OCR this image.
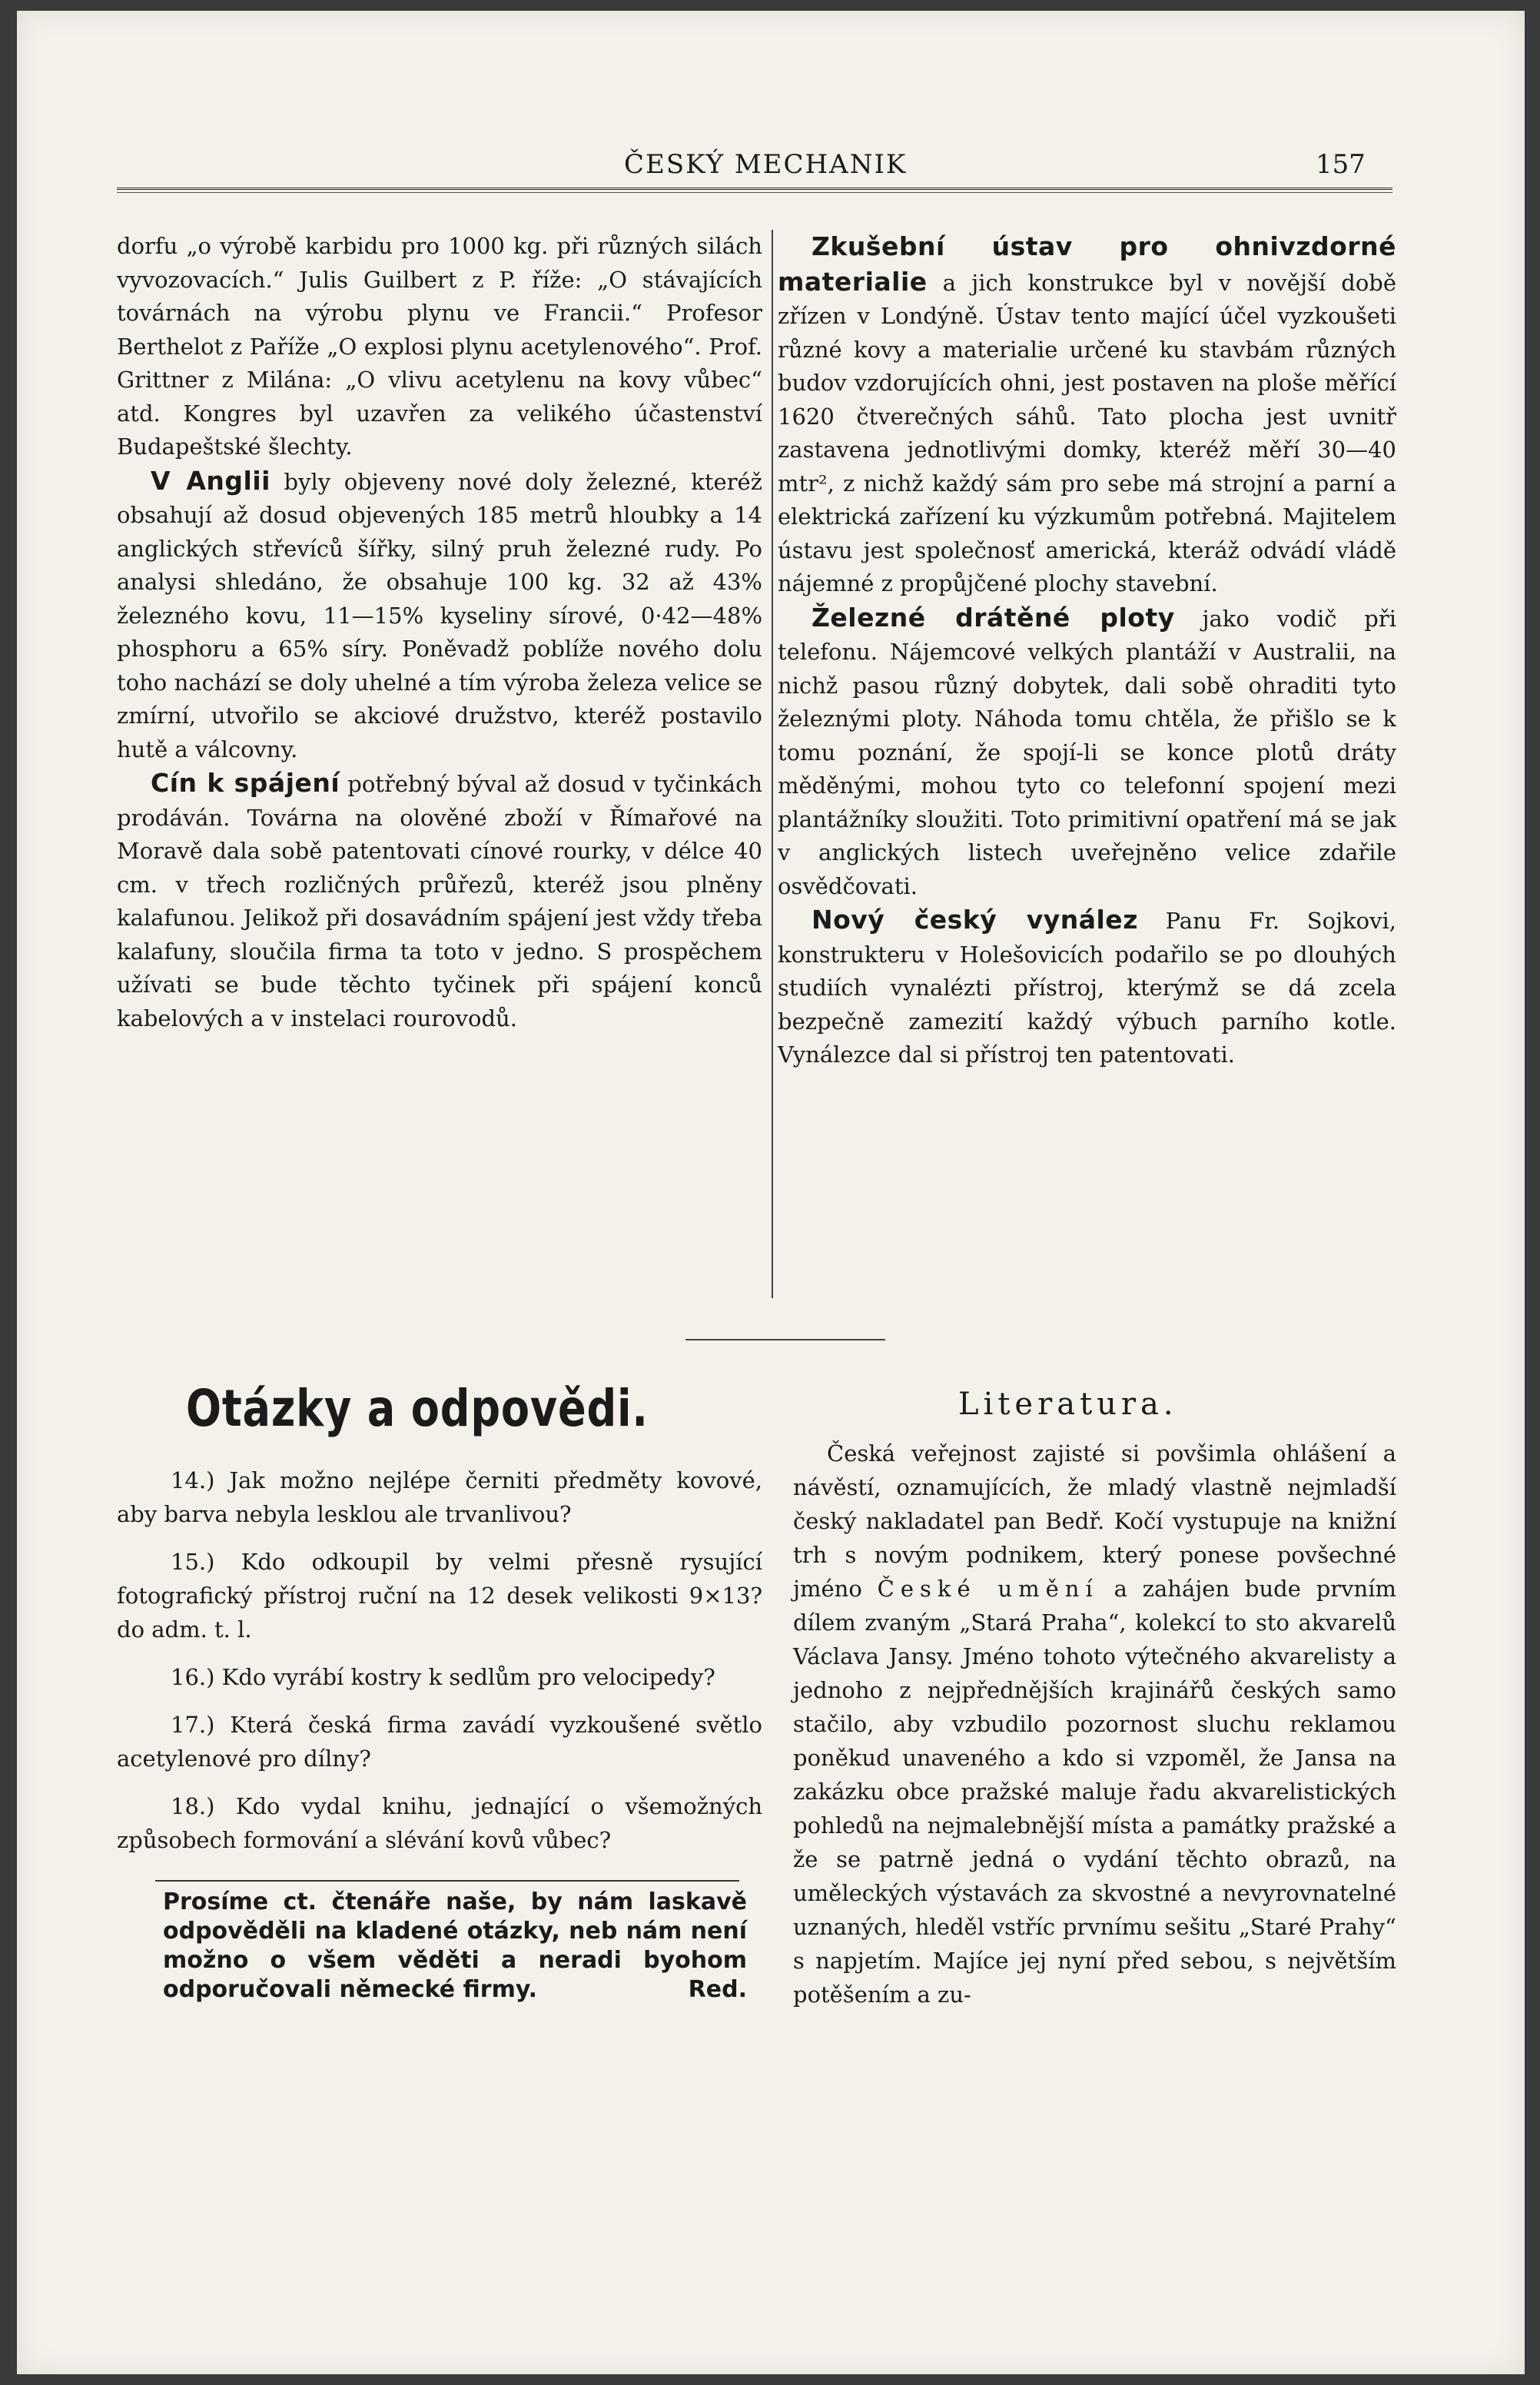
ČESKÝ MECHANIK	157

dorfu „o výrobě karbidu pro 1000 kg. při různých silách vyvozovacích.“ Julis Guilbert z P. říže: „O stávajících továrnách na výrobu plynu ve Francii.“ Profesor Berthelot z Paříže „O explosi plynu acetylenového“. Prof. Grittner z Milána: „O vlivu acetylenu na kovy vůbec“ atd. Kongres byl uzavřen za velikého účastenství Budapeštské šlechty.

V Anglii byly objeveny nové doly železné, kteréž obsahují až dosud objevených 185 metrů hloubky a 14 anglických střevíců šířky, silný pruh železné rudy. Po analysi shledáno, že obsahuje 100 kg. 32 až 43% železného kovu, 11—15% kyseliny sírové, 0·42—48% phosphoru a 65% síry. Poněvadž poblíže nového dolu toho nachází se doly uhelné a tím výroba železa velice se zmírní, utvořilo se akciové družstvo, kteréž postavilo hutě a válcovny.

Cín k spájení potřebný býval až dosud v tyčinkách prodáván. Továrna na olověné zboží v Římařové na Moravě dala sobě patentovati cínové rourky, v délce 40 cm. v třech rozličných průřezů, kteréž jsou plněny kalafunou. Jelikož při dosavádním spájení jest vždy třeba kalafuny, sloučila firma ta toto v jedno. S prospěchem užívati se bude těchto tyčinek při spájení konců kabelových a v instelaci rourovodů.

Zkušební ústav pro ohnivzdorné materialie a jich konstrukce byl v novější době zřízen v Londýně. Ústav tento mající účel vyzkoušeti různé kovy a materialie určené ku stavbám různých budov vzdorujících ohni, jest postaven na ploše měřící 1620 čtverečných sáhů. Tato plocha jest uvnitř zastavena jednotlivými domky, kteréž měří 30—40 mtr², z nichž každý sám pro sebe má strojní a parní a elektrická zařízení ku výzkumům potřebná. Majitelem ústavu jest společnosť americká, kteráž odvádí vládě nájemné z propůjčené plochy stavební.

Železné drátěné ploty jako vodič při telefonu. Nájemcové velkých plantáží v Australii, na nichž pasou různý dobytek, dali sobě ohraditi tyto železnými ploty. Náhoda tomu chtěla, že přišlo se k tomu poznání, že spojí-li se konce plotů dráty měděnými, mohou tyto co telefonní spojení mezi plantážníky sloužiti. Toto primitivní opatření má se jak v anglických listech uveřejněno velice zdařile osvědčovati.

Nový český vynález Panu Fr. Sojkovi, konstrukteru v Holešovicích podařilo se po dlouhých studiích vynalézti přístroj, kterýmž se dá zcela bezpečně zamezití každý výbuch parního kotle. Vynálezce dal si přístroj ten patentovati.

Otázky a odpovědi.

14.) Jak možno nejlépe černiti předměty kovové, aby barva nebyla lesklou ale trvanlivou?

15.) Kdo odkoupil by velmi přesně rysující fotografický přístroj ruční na 12 desek velikosti 9×13? do adm. t. l.

16.) Kdo vyrábí kostry k sedlům pro velocipedy?

17.) Která česká firma zavádí vyzkoušené světlo acetylenové pro dílny?

18.) Kdo vydal knihu, jednající o všemožných způsobech formování a slévání kovů vůbec?

Prosíme ct. čtenáře naše, by nám laskavě odpověděli na kladené otázky, neb nám není možno o všem věděti a neradi byohom odporučovali německé firmy.	Red.
Literatura.

Česká veřejnost zajisté si povšimla ohlášení a návěstí, oznamujících, že mladý vlastně nejmladší český nakladatel pan Bedř. Kočí vystupuje na knižní trh s novým podnikem, který ponese povšechné jméno České umění a zahájen bude prvním dílem zvaným „Stará Praha“, kolekcí to sto akvarelů Václava Jansy. Jméno tohoto výtečného akvarelisty a jednoho z nejpřednějších krajinářů českých samo stačilo, aby vzbudilo pozornost sluchu reklamou poněkud unaveného a kdo si vzpoměl, že Jansa na zakázku obce pražské maluje řadu akvarelistických pohledů na nejmalebnější místa a památky pražské a že se patrně jedná o vydání těchto obrazů, na uměleckých výstavách za skvostné a nevyrovnatelné uznaných, hleděl vstříc prvnímu sešitu „Staré Prahy“ s napjetím. Majíce jej nyní před sebou, s největším potěšením a zu-
